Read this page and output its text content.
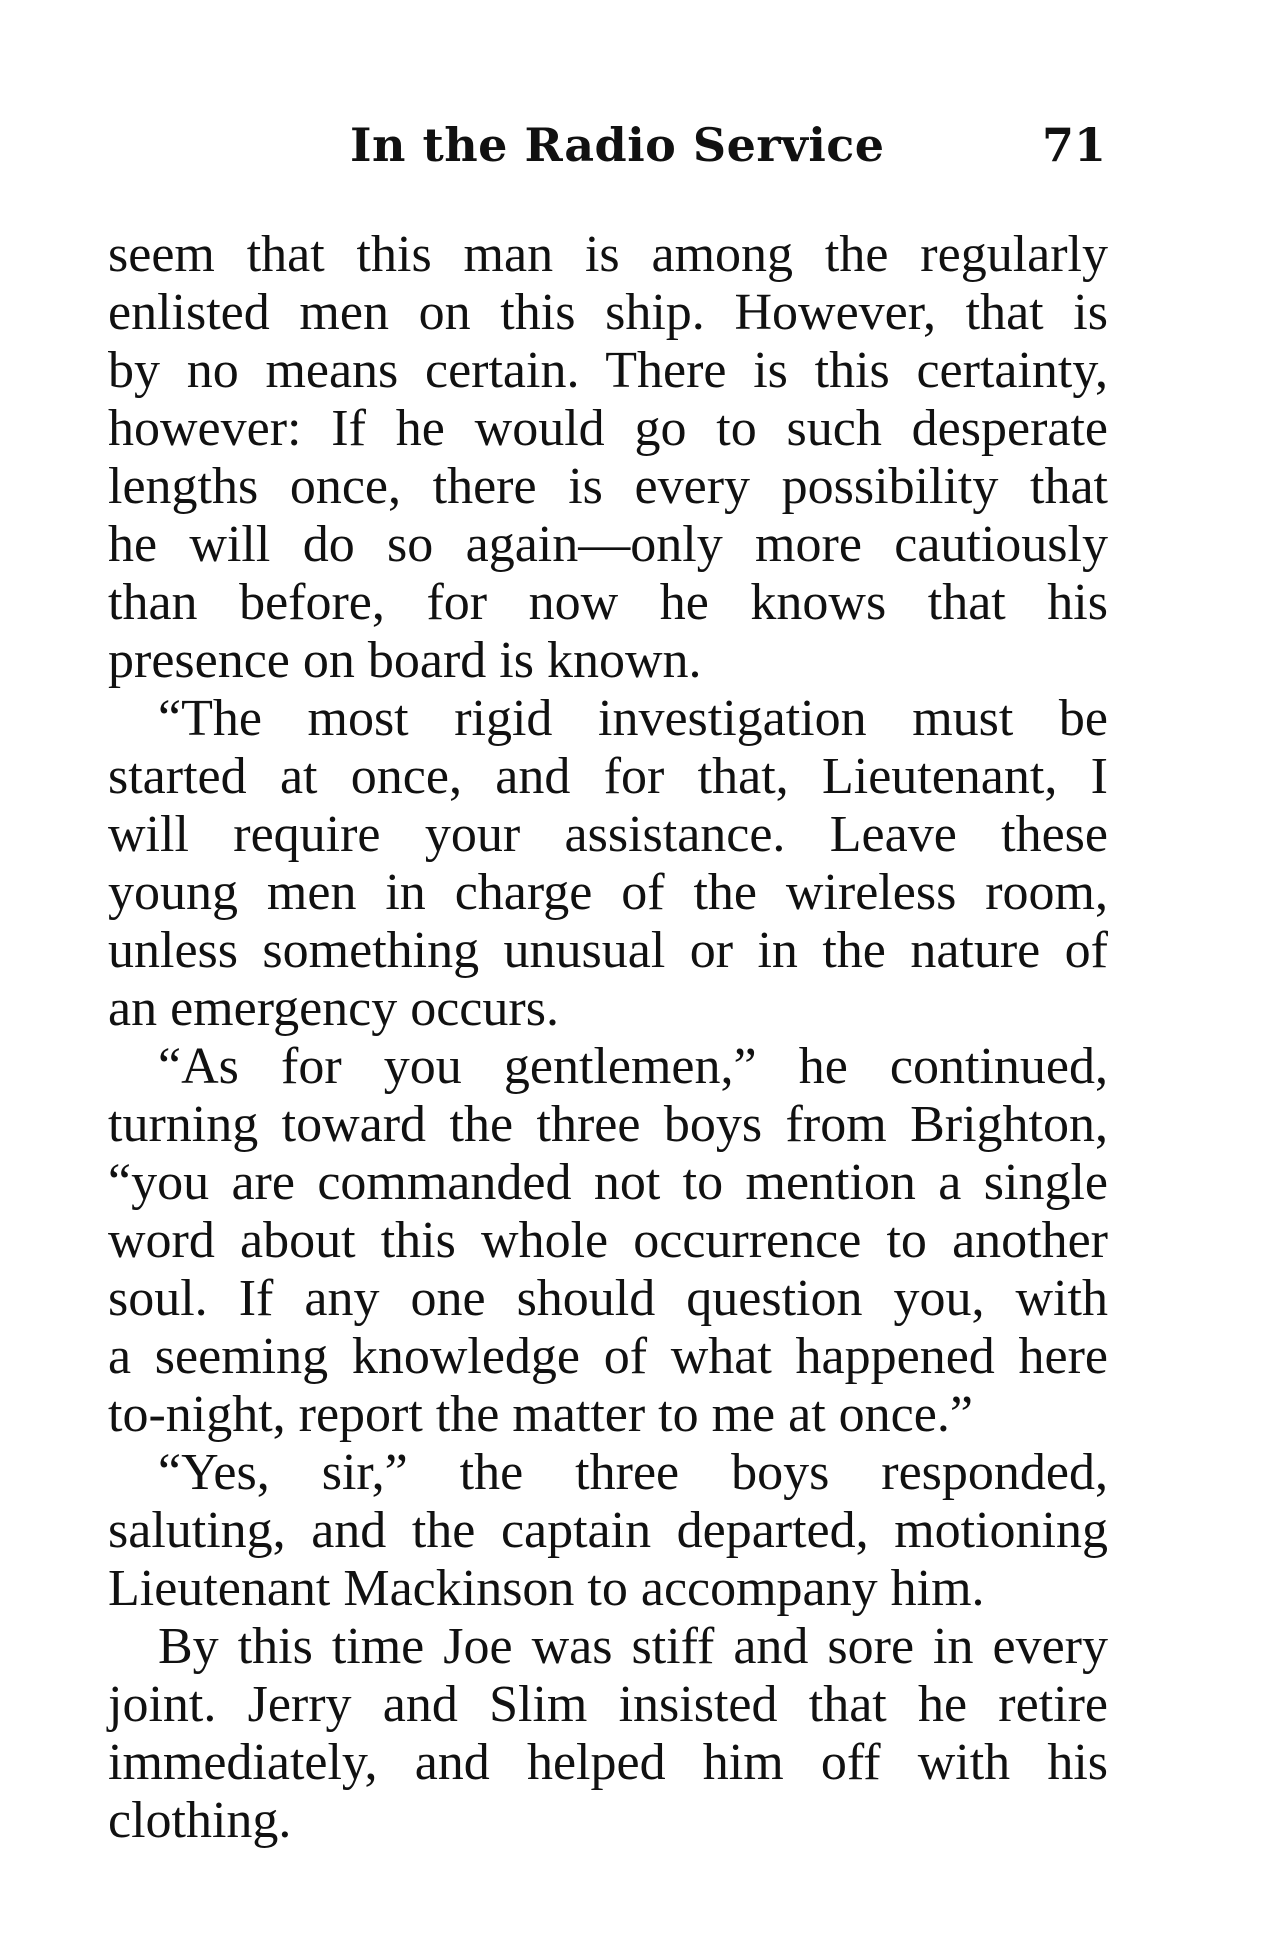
In the Radio Service	71
seem that this man is among the regularly
enlisted men on this ship. However, that is
by no means certain. There is this certainty,
however: If he would go to such desperate
lengths once, there is every possibility that
he will do so again—only more cautiously
than before, for now he knows that his
presence on board is known.
“The most rigid investigation must be
started at once, and for that, Lieutenant, I
will require your assistance. Leave these
young men in charge of the wireless room,
unless something unusual or in the nature of
an emergency occurs.
“As for you gentlemen,” he continued,
turning toward the three boys from Brighton,
“you are commanded not to mention a single
word about this whole occurrence to another
soul. If any one should question you, with
a seeming knowledge of what happened here
to-night, report the matter to me at once.”
“Yes, sir,” the three boys responded,
saluting, and the captain departed, motioning
Lieutenant Mackinson to accompany him.
By this time Joe was stiff and sore in every
joint. Jerry and Slim insisted that he retire
immediately, and helped him off with his
clothing.
